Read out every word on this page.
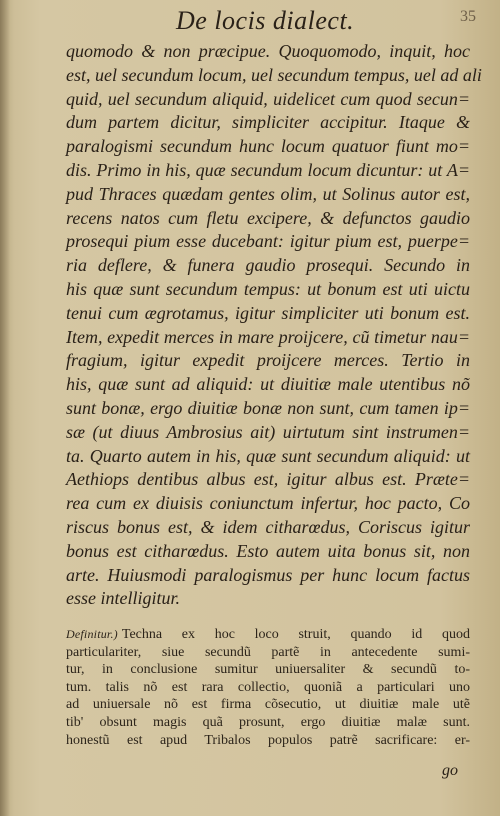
De locis dialect.	35
quomodo & non præcipue. Quoquomodo, inquit, hoc
est, uel secundum locum, uel secundum tempus, uel ad ali
quid, uel secundum aliquid, uidelicet cum quod secun=
dum partem dicitur, simpliciter accipitur. Itaque &
paralogismi secundum hunc locum quatuor fiunt mo=
dis. Primo in his, quæ secundum locum dicuntur: ut A=
pud Thraces quædam gentes olim, ut Solinus autor est,
recens natos cum fletu excipere, & defunctos gaudio
prosequi pium esse ducebant: igitur pium est, puerpe=
ria deflere, & funera gaudio prosequi. Secundo in
his quæ sunt secundum tempus: ut bonum est uti uictu
tenui cum ægrotamus, igitur simpliciter uti bonum est.
Item, expedit merces in mare proijcere, cũ timetur nau=
fragium, igitur expedit proijcere merces. Tertio in
his, quæ sunt ad aliquid: ut diuitiæ male utentibus nõ
sunt bonæ, ergo diuitiæ bonæ non sunt, cum tamen ip=
sæ (ut diuus Ambrosius ait) uirtutum sint instrumen=
ta. Quarto autem in his, quæ sunt secundum aliquid: ut
Aethiops dentibus albus est, igitur albus est. Præte=
rea cum ex diuisis coniunctum infertur, hoc pacto, Co
riscus bonus est, & idem citharœdus, Coriscus igitur
bonus est citharœdus. Esto autem uita bonus sit, non
arte. Huiusmodi paralogismus per hunc locum factus
esse intelligitur.
Definitur.) Techna ex hoc loco struit, quando id quod
particulariter, siue secundũ partẽ in antecedente sumi-
tur, in conclusione sumitur uniuersaliter & secundũ to-
tum. talis nõ est rara collectio, quoniã a particulari uno
ad uniuersale nõ est firma cõsecutio, ut diuitiæ male utẽ
tib' obsunt magis quã prosunt, ergo diuitiæ malæ sunt.
honestũ est apud Tribalos populos patrẽ sacrificare: er-
go
